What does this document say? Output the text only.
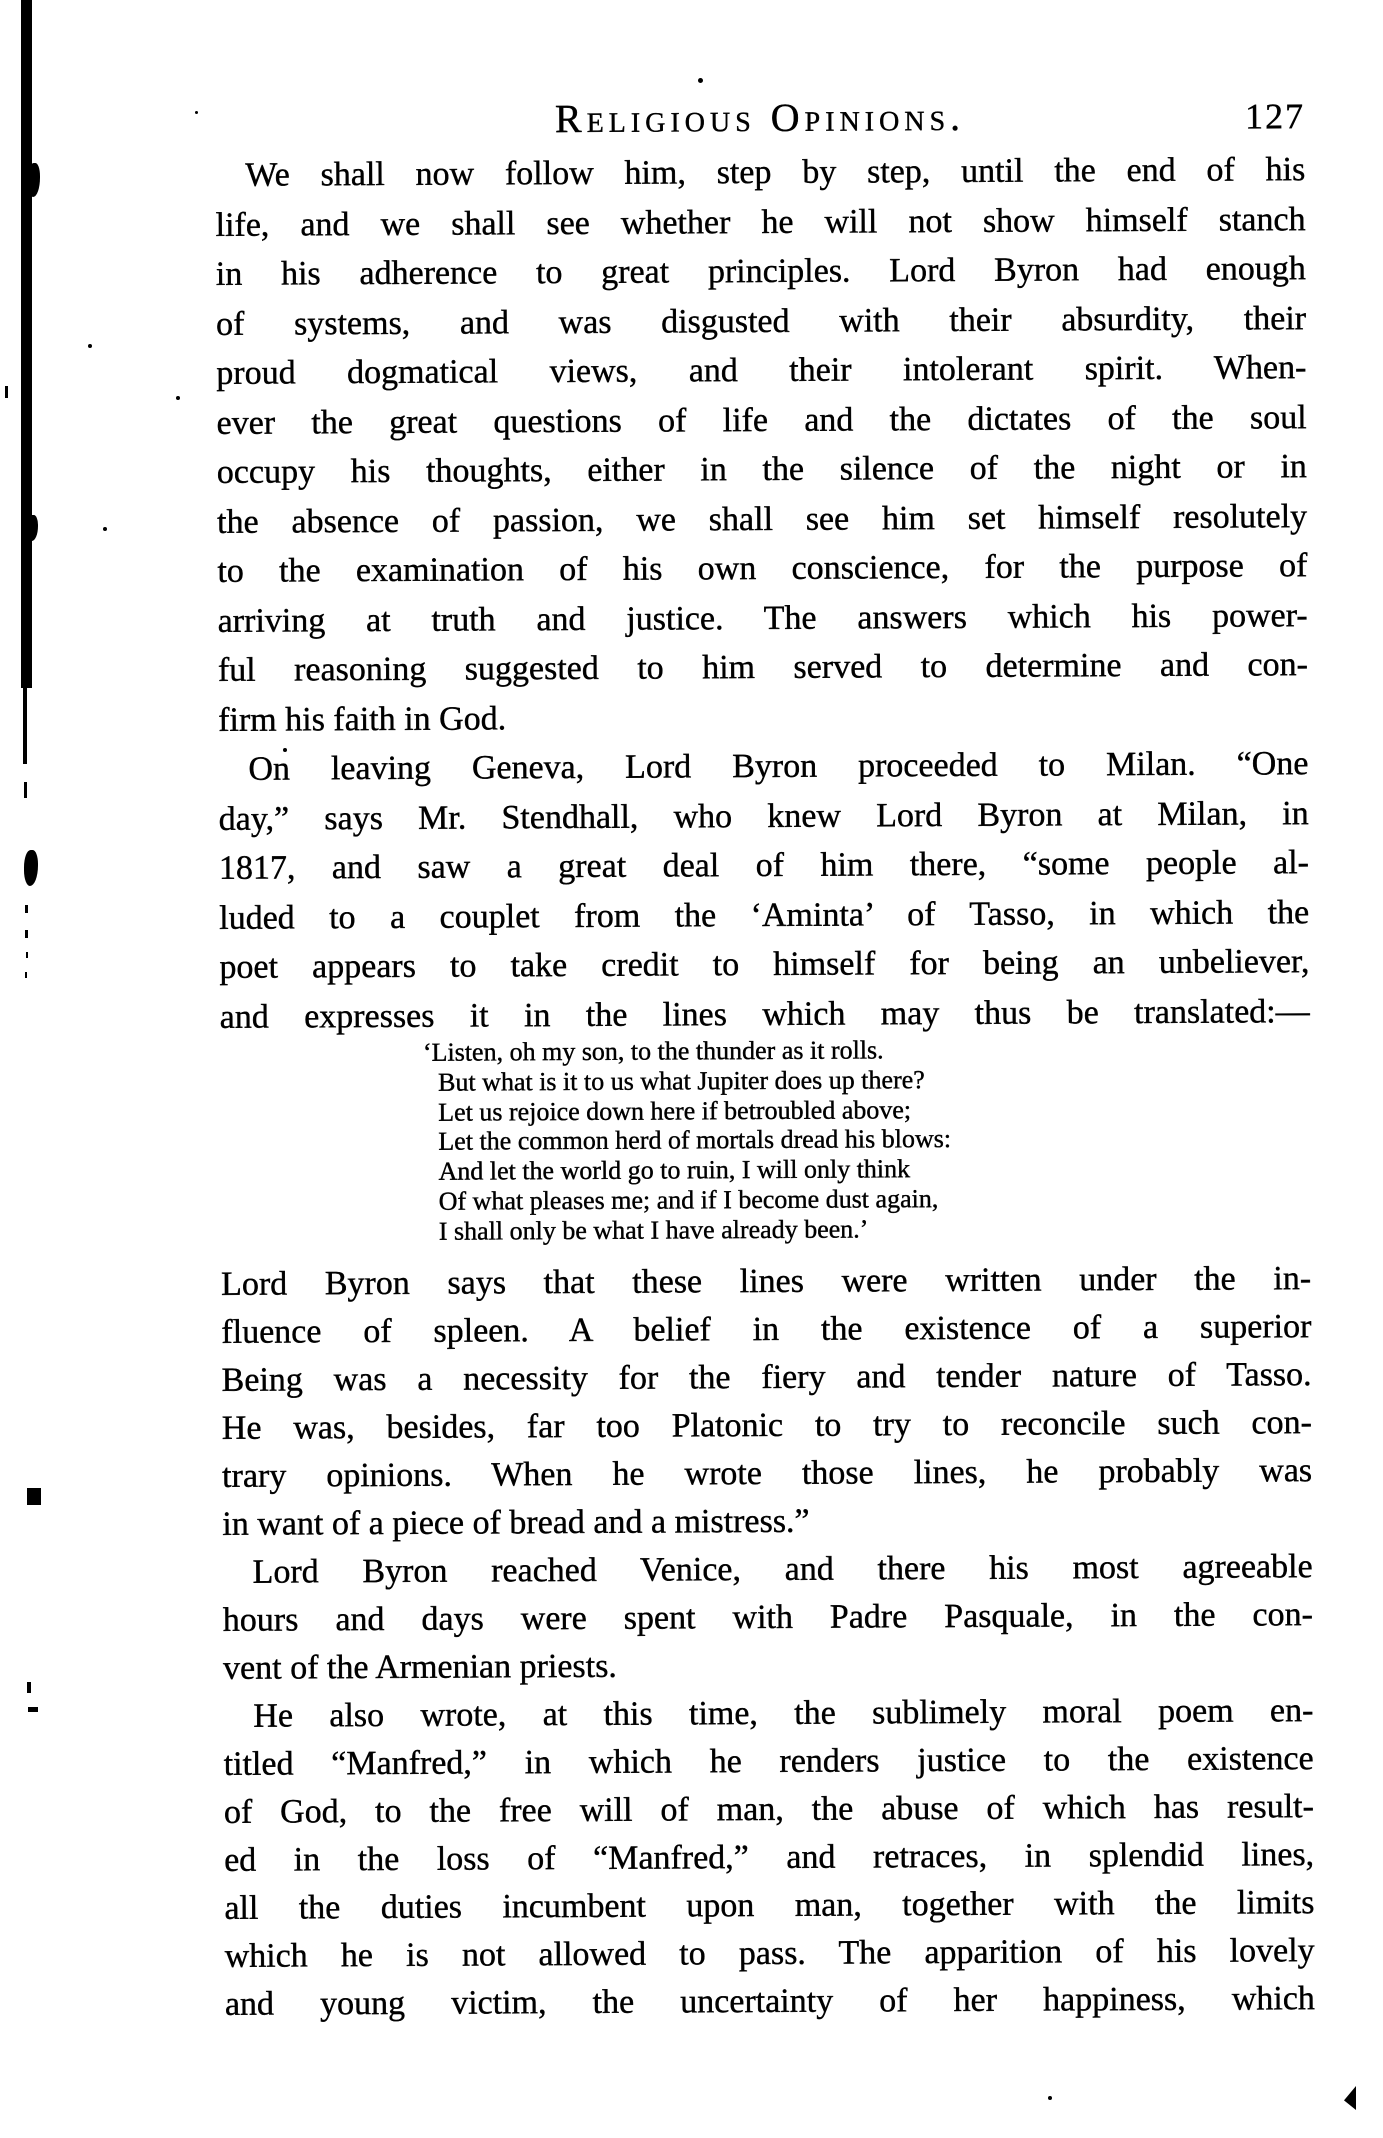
Religious Opinions.	127
We shall now follow him, step by step, until the end of his
life, and we shall see whether he will not show himself stanch
in his adherence to great principles. Lord Byron had enough
of systems, and was disgusted with their absurdity, their
proud dogmatical views, and their intolerant spirit. When-
ever the great questions of life and the dictates of the soul
occupy his thoughts, either in the silence of the night or in
the absence of passion, we shall see him set himself resolutely
to the examination of his own conscience, for the purpose of
arriving at truth and justice. The answers which his power-
ful reasoning suggested to him served to determine and con-
firm his faith in God.
On leaving Geneva, Lord Byron proceeded to Milan. “One
day,” says Mr. Stendhall, who knew Lord Byron at Milan, in
1817, and saw a great deal of him there, “some people al-
luded to a couplet from the ‘Aminta’ of Tasso, in which the
poet appears to take credit to himself for being an unbeliever,
and expresses it in the lines which may thus be translated:—
‘Listen, oh my son, to the thunder as it rolls.
But what is it to us what Jupiter does up there?
Let us rejoice down here if betroubled above;
Let the common herd of mortals dread his blows:
And let the world go to ruin, I will only think
Of what pleases me; and if I become dust again,
I shall only be what I have already been.’
Lord Byron says that these lines were written under the in-
fluence of spleen. A belief in the existence of a superior
Being was a necessity for the fiery and tender nature of Tasso.
He was, besides, far too Platonic to try to reconcile such con-
trary opinions. When he wrote those lines, he probably was
in want of a piece of bread and a mistress.”
Lord Byron reached Venice, and there his most agreeable
hours and days were spent with Padre Pasquale, in the con-
vent of the Armenian priests.
He also wrote, at this time, the sublimely moral poem en-
titled “Manfred,” in which he renders justice to the existence
of God, to the free will of man, the abuse of which has result-
ed in the loss of “Manfred,” and retraces, in splendid lines,
all the duties incumbent upon man, together with the limits
which he is not allowed to pass. The apparition of his lovely
and young victim, the uncertainty of her happiness, which
